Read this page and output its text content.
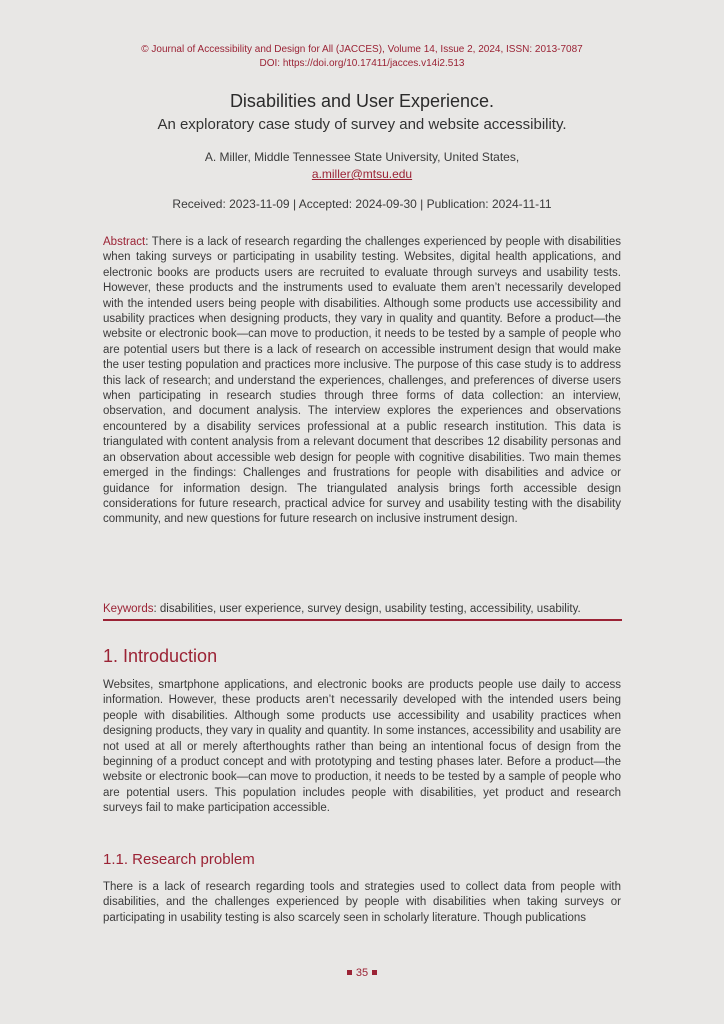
© Journal of Accessibility and Design for All (JACCES), Volume 14, Issue 2, 2024, ISSN: 2013-7087
DOI: https://doi.org/10.17411/jacces.v14i2.513
Disabilities and User Experience.
An exploratory case study of survey and website accessibility.
A. Miller, Middle Tennessee State University, United States,
a.miller@mtsu.edu
Received: 2023-11-09 | Accepted: 2024-09-30 | Publication: 2024-11-11

Abstract: There is a lack of research regarding the challenges experienced by people with disabilities when taking surveys or participating in usability testing. Websites, digital health applications, and electronic books are products users are recruited to evaluate through surveys and usability tests. However, these products and the instruments used to evaluate them aren’t necessarily developed with the intended users being people with disabilities. Although some products use accessibility and usability practices when designing products, they vary in quality and quantity. Before a product—the website or electronic book—can move to production, it needs to be tested by a sample of people who are potential users but there is a lack of research on accessible instrument design that would make the user testing population and practices more inclusive. The purpose of this case study is to address this lack of research; and understand the experiences, challenges, and preferences of diverse users when participating in research studies through three forms of data collection: an interview, observation, and document analysis. The interview explores the experiences and observations encountered by a disability services professional at a public research institution. This data is triangulated with content analysis from a relevant document that describes 12 disability personas and an observation about accessible web design for people with cognitive disabilities. Two main themes emerged in the findings: Challenges and frustrations for people with disabilities and advice or guidance for information design. The triangulated analysis brings forth accessible design considerations for future research, practical advice for survey and usability testing with the disability community, and new questions for future research on inclusive instrument design.

Keywords: disabilities, user experience, survey design, usability testing, accessibility, usability.

1. Introduction

Websites, smartphone applications, and electronic books are products people use daily to access information. However, these products aren’t necessarily developed with the intended users being people with disabilities. Although some products use accessibility and usability practices when designing products, they vary in quality and quantity. In some instances, accessibility and usability are not used at all or merely afterthoughts rather than being an intentional focus of design from the beginning of a product concept and with prototyping and testing phases later. Before a product—the website or electronic book—can move to production, it needs to be tested by a sample of people who are potential users. This population includes people with disabilities, yet product and research surveys fail to make participation accessible.

1.1. Research problem

There is a lack of research regarding tools and strategies used to collect data from people with disabilities, and the challenges experienced by people with disabilities when taking surveys or participating in usability testing is also scarcely seen in scholarly literature. Though publications

35
